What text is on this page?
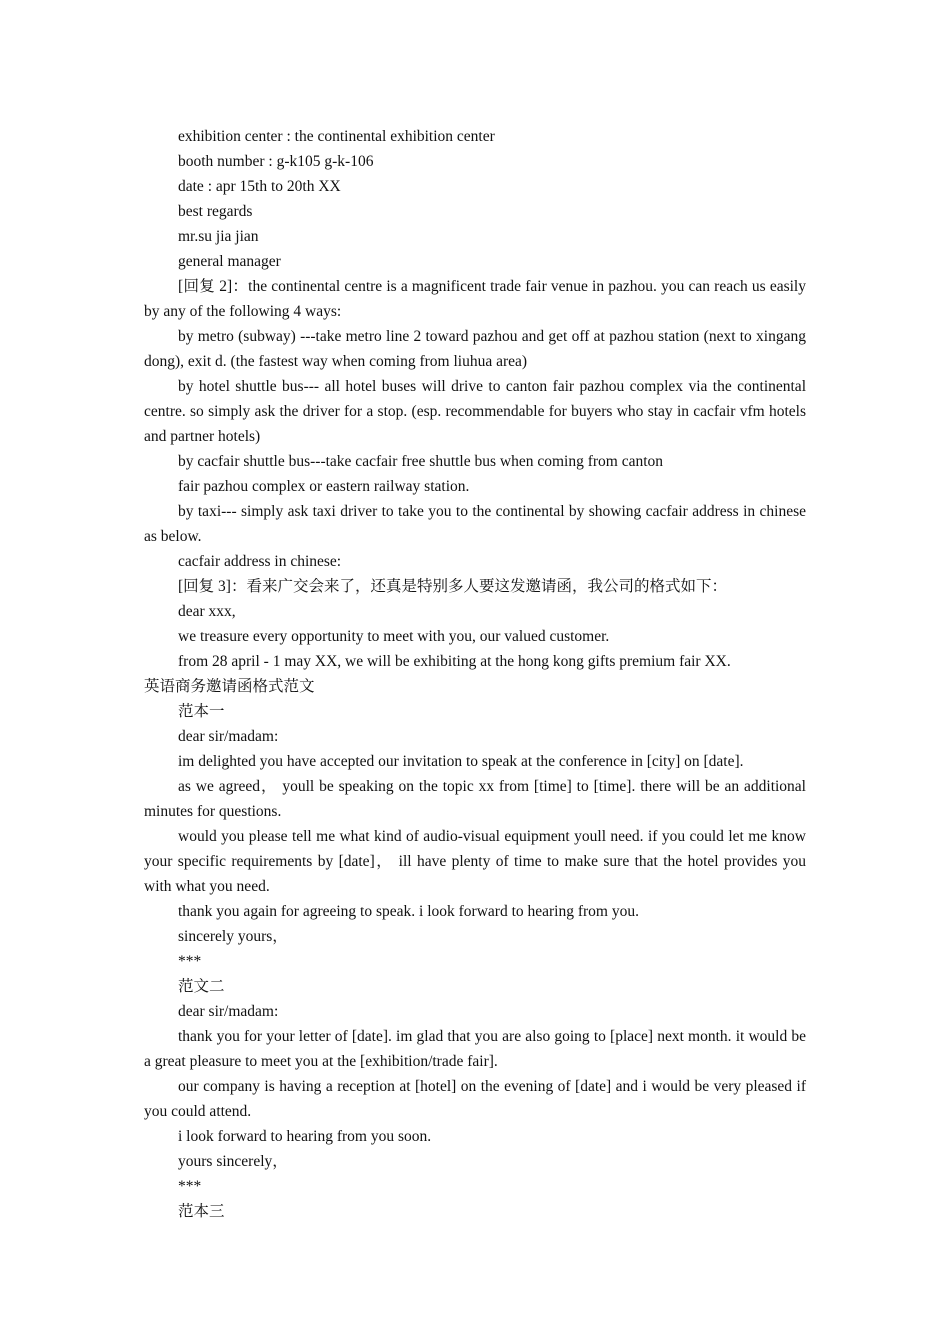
exhibition center : the continental exhibition center

booth number : g-k105 g-k-106

date : apr 15th to 20th XX

best regards

mr.su jia jian

general manager

[回复 2]：the continental centre is a magnificent trade fair venue in pazhou. you can reach us easily by any of the following 4 ways:

by metro (subway) ---take metro line 2 toward pazhou and get off at pazhou station (next to xingang dong), exit d. (the fastest way when coming from liuhua area)

by hotel shuttle bus--- all hotel buses will drive to canton fair pazhou complex via the continental centre. so simply ask the driver for a stop. (esp. recommendable for buyers who stay in cacfair vfm hotels and partner hotels)

by cacfair shuttle bus---take cacfair free shuttle bus when coming from canton

fair pazhou complex or eastern railway station.

by taxi--- simply ask taxi driver to take you to the continental by showing cacfair address in chinese as below.

cacfair address in chinese:

[回复 3]：看来广交会来了，还真是特别多人要这发邀请函，我公司的格式如下：

dear xxx,

we treasure every opportunity to meet with you, our valued customer.

from 28 april - 1 may XX, we will be exhibiting at the hong kong gifts premium fair XX.

英语商务邀请函格式范文

范本一

dear sir/madam:

im delighted you have accepted our invitation to speak at the conference in [city] on [date].

as we agreed， youll be speaking on the topic xx from [time] to [time]. there will be an additional minutes for questions.

would you please tell me what kind of audio-visual equipment youll need. if you could let me know your specific requirements by [date]， ill have plenty of time to make sure that the hotel provides you with what you need.

thank you again for agreeing to speak. i look forward to hearing from you.

sincerely yours，

***

范文二

dear sir/madam:

thank you for your letter of [date]. im glad that you are also going to [place] next month. it would be a great pleasure to meet you at the [exhibition/trade fair].

our company is having a reception at [hotel] on the evening of [date] and i would be very pleased if you could attend.

i look forward to hearing from you soon.

yours sincerely，

***

范本三
